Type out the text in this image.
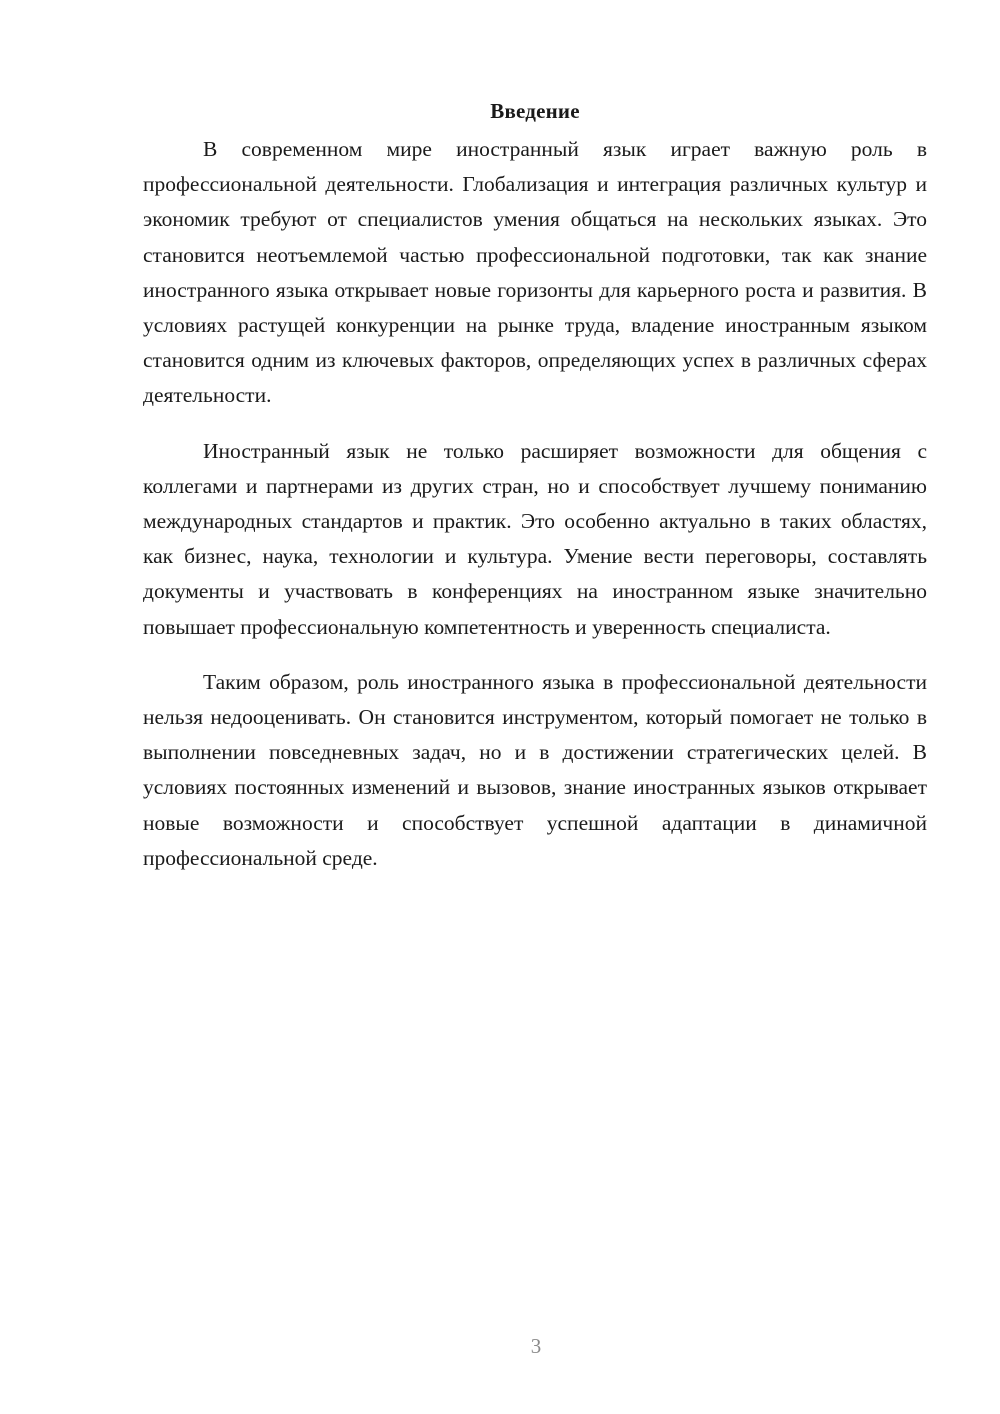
Введение

В современном мире иностранный язык играет важную роль в профессиональной деятельности. Глобализация и интеграция различных культур и экономик требуют от специалистов умения общаться на нескольких языках. Это становится неотъемлемой частью профессиональной подготовки, так как знание иностранного языка открывает новые горизонты для карьерного роста и развития. В условиях растущей конкуренции на рынке труда, владение иностранным языком становится одним из ключевых факторов, определяющих успех в различных сферах деятельности.

Иностранный язык не только расширяет возможности для общения с коллегами и партнерами из других стран, но и способствует лучшему пониманию международных стандартов и практик. Это особенно актуально в таких областях, как бизнес, наука, технологии и культура. Умение вести переговоры, составлять документы и участвовать в конференциях на иностранном языке значительно повышает профессиональную компетентность и уверенность специалиста.

Таким образом, роль иностранного языка в профессиональной деятельности нельзя недооценивать. Он становится инструментом, который помогает не только в выполнении повседневных задач, но и в достижении стратегических целей. В условиях постоянных изменений и вызовов, знание иностранных языков открывает новые возможности и способствует успешной адаптации в динамичной профессиональной среде.

3
